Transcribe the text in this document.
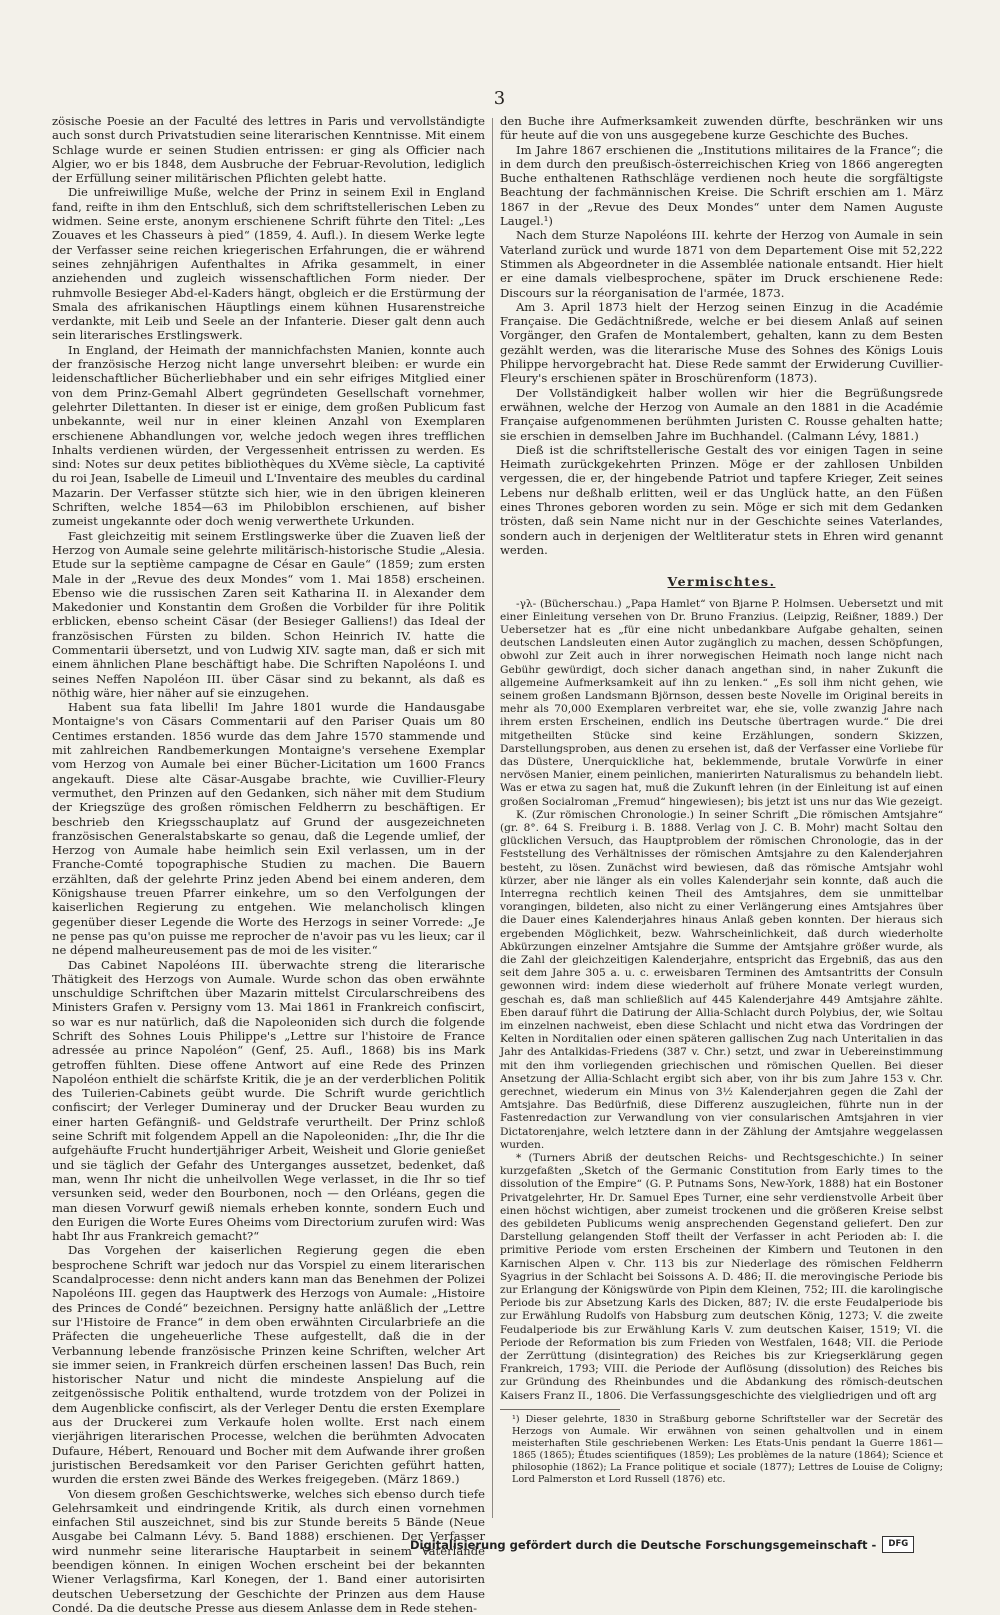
3

zösische Poesie an der Faculté des lettres in Paris und vervollständigte auch sonst durch Privatstudien seine literarischen Kenntnisse. Mit einem Schlage wurde er seinen Studien entrissen: er ging als Officier nach Algier, wo er bis 1848, dem Ausbruche der Februar-Revolution, lediglich der Erfüllung seiner militärischen Pflichten gelebt hatte.

Die unfreiwillige Muße, welche der Prinz in seinem Exil in England fand, reifte in ihm den Entschluß, sich dem schriftstellerischen Leben zu widmen. Seine erste, anonym erschienene Schrift führte den Titel: „Les Zouaves et les Chasseurs à pied“ (1859, 4. Aufl.). In diesem Werke legte der Verfasser seine reichen kriegerischen Erfahrungen, die er während seines zehnjährigen Aufenthaltes in Afrika gesammelt, in einer anziehenden und zugleich wissenschaftlichen Form nieder. Der ruhmvolle Besieger Abd-el-Kaders hängt, obgleich er die Erstürmung der Smala des afrikanischen Häuptlings einem kühnen Husarenstreiche verdankte, mit Leib und Seele an der Infanterie. Dieser galt denn auch sein literarisches Erstlingswerk.

In England, der Heimath der mannichfachsten Manien, konnte auch der französische Herzog nicht lange unversehrt bleiben: er wurde ein leidenschaftlicher Bücherliebhaber und ein sehr eifriges Mitglied einer von dem Prinz-Gemahl Albert gegründeten Gesellschaft vornehmer, gelehrter Dilettanten. In dieser ist er einige, dem großen Publicum fast unbekannte, weil nur in einer kleinen Anzahl von Exemplaren erschienene Abhandlungen vor, welche jedoch wegen ihres trefflichen Inhalts verdienen würden, der Vergessenheit entrissen zu werden. Es sind: Notes sur deux petites bibliothèques du XVème siècle, La captivité du roi Jean, Isabelle de Limeuil und L'Inventaire des meubles du cardinal Mazarin. Der Verfasser stützte sich hier, wie in den übrigen kleineren Schriften, welche 1854—63 im Philobiblon erschienen, auf bisher zumeist ungekannte oder doch wenig verwerthete Urkunden.

Fast gleichzeitig mit seinem Erstlingswerke über die Zuaven ließ der Herzog von Aumale seine gelehrte militärisch-historische Studie „Alesia. Etude sur la septième campagne de César en Gaule“ (1859; zum ersten Male in der „Revue des deux Mondes“ vom 1. Mai 1858) erscheinen. Ebenso wie die russischen Zaren seit Katharina II. in Alexander dem Makedonier und Konstantin dem Großen die Vorbilder für ihre Politik erblicken, ebenso scheint Cäsar (der Besieger Galliens!) das Ideal der französischen Fürsten zu bilden. Schon Heinrich IV. hatte die Commentarii übersetzt, und von Ludwig XIV. sagte man, daß er sich mit einem ähnlichen Plane beschäftigt habe. Die Schriften Napoléons I. und seines Neffen Napoléon III. über Cäsar sind zu bekannt, als daß es nöthig wäre, hier näher auf sie einzugehen.

Habent sua fata libelli! Im Jahre 1801 wurde die Handausgabe Montaigne's von Cäsars Commentarii auf den Pariser Quais um 80 Centimes erstanden. 1856 wurde das dem Jahre 1570 stammende und mit zahlreichen Randbemerkungen Montaigne's versehene Exemplar vom Herzog von Aumale bei einer Bücher-Licitation um 1600 Francs angekauft. Diese alte Cäsar-Ausgabe brachte, wie Cuvillier-Fleury vermuthet, den Prinzen auf den Gedanken, sich näher mit dem Studium der Kriegszüge des großen römischen Feldherrn zu beschäftigen. Er beschrieb den Kriegsschauplatz auf Grund der ausgezeichneten französischen Generalstabskarte so genau, daß die Legende umlief, der Herzog von Aumale habe heimlich sein Exil verlassen, um in der Franche-Comté topographische Studien zu machen. Die Bauern erzählten, daß der gelehrte Prinz jeden Abend bei einem anderen, dem Königshause treuen Pfarrer einkehre, um so den Verfolgungen der kaiserlichen Regierung zu entgehen. Wie melancholisch klingen gegenüber dieser Legende die Worte des Herzogs in seiner Vorrede: „Je ne pense pas qu'on puisse me reprocher de n'avoir pas vu les lieux; car il ne dépend malheureusement pas de moi de les visiter.“

Das Cabinet Napoléons III. überwachte streng die literarische Thätigkeit des Herzogs von Aumale. Wurde schon das oben erwähnte unschuldige Schriftchen über Mazarin mittelst Circularschreibens des Ministers Grafen v. Persigny vom 13. Mai 1861 in Frankreich confiscirt, so war es nur natürlich, daß die Napoleoniden sich durch die folgende Schrift des Sohnes Louis Philippe's „Lettre sur l'histoire de France adressée au prince Napoléon“ (Genf, 25. Aufl., 1868) bis ins Mark getroffen fühlten. Diese offene Antwort auf eine Rede des Prinzen Napoléon enthielt die schärfste Kritik, die je an der verderblichen Politik des Tuilerien-Cabinets geübt wurde. Die Schrift wurde gerichtlich confiscirt; der Verleger Dumineray und der Drucker Beau wurden zu einer harten Gefängniß- und Geldstrafe verurtheilt. Der Prinz schloß seine Schrift mit folgendem Appell an die Napoleoniden: „Ihr, die Ihr die aufgehäufte Frucht hundertjähriger Arbeit, Weisheit und Glorie genießet und sie täglich der Gefahr des Unterganges aussetzet, bedenket, daß man, wenn Ihr nicht die unheilvollen Wege verlasset, in die Ihr so tief versunken seid, weder den Bourbonen, noch — den Orléans, gegen die man diesen Vorwurf gewiß niemals erheben konnte, sondern Euch und den Eurigen die Worte Eures Oheims vom Directorium zurufen wird: Was habt Ihr aus Frankreich gemacht?“

Das Vorgehen der kaiserlichen Regierung gegen die eben besprochene Schrift war jedoch nur das Vorspiel zu einem literarischen Scandalprocesse: denn nicht anders kann man das Benehmen der Polizei Napoléons III. gegen das Hauptwerk des Herzogs von Aumale: „Histoire des Princes de Condé“ bezeichnen. Persigny hatte anläßlich der „Lettre sur l'Histoire de France“ in dem oben erwähnten Circularbriefe an die Präfecten die ungeheuerliche These aufgestellt, daß die in der Verbannung lebende französische Prinzen keine Schriften, welcher Art sie immer seien, in Frankreich dürfen erscheinen lassen! Das Buch, rein historischer Natur und nicht die mindeste Anspielung auf die zeitgenössische Politik enthaltend, wurde trotzdem von der Polizei in dem Augenblicke confiscirt, als der Verleger Dentu die ersten Exemplare aus der Druckerei zum Verkaufe holen wollte. Erst nach einem vierjährigen literarischen Processe, welchen die berühmten Advocaten Dufaure, Hébert, Renouard und Bocher mit dem Aufwande ihrer großen juristischen Beredsamkeit vor den Pariser Gerichten geführt hatten, wurden die ersten zwei Bände des Werkes freigegeben. (März 1869.)

Von diesem großen Geschichtswerke, welches sich ebenso durch tiefe Gelehrsamkeit und eindringende Kritik, als durch einen vornehmen einfachen Stil auszeichnet, sind bis zur Stunde bereits 5 Bände (Neue Ausgabe bei Calmann Lévy. 5. Band 1888) erschienen. Der Verfasser wird nunmehr seine literarische Hauptarbeit in seinem Vaterlande beendigen können. In einigen Wochen erscheint bei der bekannten Wiener Verlagsfirma, Karl Konegen, der 1. Band einer autorisirten deutschen Uebersetzung der Geschichte der Prinzen aus dem Hause Condé. Da die deutsche Presse aus diesem Anlasse dem in Rede stehen-

den Buche ihre Aufmerksamkeit zuwenden dürfte, beschränken wir uns für heute auf die von uns ausgegebene kurze Geschichte des Buches.

Im Jahre 1867 erschienen die „Institutions militaires de la France“; die in dem durch den preußisch-österreichischen Krieg von 1866 angeregten Buche enthaltenen Rathschläge verdienen noch heute die sorgfältigste Beachtung der fachmännischen Kreise. Die Schrift erschien am 1. März 1867 in der „Revue des Deux Mondes“ unter dem Namen Auguste Laugel.¹)

Nach dem Sturze Napoléons III. kehrte der Herzog von Aumale in sein Vaterland zurück und wurde 1871 von dem Departement Oise mit 52,222 Stimmen als Abgeordneter in die Assemblée nationale entsandt. Hier hielt er eine damals vielbesprochene, später im Druck erschienene Rede: Discours sur la réorganisation de l'armée, 1873.

Am 3. April 1873 hielt der Herzog seinen Einzug in die Académie Française. Die Gedächtnißrede, welche er bei diesem Anlaß auf seinen Vorgänger, den Grafen de Montalembert, gehalten, kann zu dem Besten gezählt werden, was die literarische Muse des Sohnes des Königs Louis Philippe hervorgebracht hat. Diese Rede sammt der Erwiderung Cuvillier-Fleury's erschienen später in Broschürenform (1873).

Der Vollständigkeit halber wollen wir hier die Begrüßungsrede erwähnen, welche der Herzog von Aumale an den 1881 in die Académie Française aufgenommenen berühmten Juristen C. Rousse gehalten hatte; sie erschien in demselben Jahre im Buchhandel. (Calmann Lévy, 1881.)

Dieß ist die schriftstellerische Gestalt des vor einigen Tagen in seine Heimath zurückgekehrten Prinzen. Möge er der zahllosen Unbilden vergessen, die er, der hingebende Patriot und tapfere Krieger, Zeit seines Lebens nur deßhalb erlitten, weil er das Unglück hatte, an den Füßen eines Thrones geboren worden zu sein. Möge er sich mit dem Gedanken trösten, daß sein Name nicht nur in der Geschichte seines Vaterlandes, sondern auch in derjenigen der Weltliteratur stets in Ehren wird genannt werden.

Vermischtes.

-γλ- (Bücherschau.) „Papa Hamlet“ von Bjarne P. Holmsen. Uebersetzt und mit einer Einleitung versehen von Dr. Bruno Franzius. (Leipzig, Reißner, 1889.) Der Uebersetzer hat es „für eine nicht unbedankbare Aufgabe gehalten, seinen deutschen Landsleuten einen Autor zugänglich zu machen, dessen Schöpfungen, obwohl zur Zeit auch in ihrer norwegischen Heimath noch lange nicht nach Gebühr gewürdigt, doch sicher danach angethan sind, in naher Zukunft die allgemeine Aufmerksamkeit auf ihn zu lenken.“ „Es soll ihm nicht gehen, wie seinem großen Landsmann Björnson, dessen beste Novelle im Original bereits in mehr als 70,000 Exemplaren verbreitet war, ehe sie, volle zwanzig Jahre nach ihrem ersten Erscheinen, endlich ins Deutsche übertragen wurde.“ Die drei mitgetheilten Stücke sind keine Erzählungen, sondern Skizzen, Darstellungsproben, aus denen zu ersehen ist, daß der Verfasser eine Vorliebe für das Düstere, Unerquickliche hat, beklemmende, brutale Vorwürfe in einer nervösen Manier, einem peinlichen, manierirten Naturalismus zu behandeln liebt. Was er etwa zu sagen hat, muß die Zukunft lehren (in der Einleitung ist auf einen großen Socialroman „Fremud“ hingewiesen); bis jetzt ist uns nur das Wie gezeigt.

K. (Zur römischen Chronologie.) In seiner Schrift „Die römischen Amtsjahre“ (gr. 8°. 64 S. Freiburg i. B. 1888. Verlag von J. C. B. Mohr) macht Soltau den glücklichen Versuch, das Hauptproblem der römischen Chronologie, das in der Feststellung des Verhältnisses der römischen Amtsjahre zu den Kalenderjahren besteht, zu lösen. Zunächst wird bewiesen, daß das römische Amtsjahr wohl kürzer, aber nie länger als ein volles Kalenderjahr sein konnte, daß auch die Interregna rechtlich keinen Theil des Amtsjahres, dem sie unmittelbar vorangingen, bildeten, also nicht zu einer Verlängerung eines Amtsjahres über die Dauer eines Kalenderjahres hinaus Anlaß geben konnten. Der hieraus sich ergebenden Möglichkeit, bezw. Wahrscheinlichkeit, daß durch wiederholte Abkürzungen einzelner Amtsjahre die Summe der Amtsjahre größer wurde, als die Zahl der gleichzeitigen Kalenderjahre, entspricht das Ergebniß, das aus den seit dem Jahre 305 a. u. c. erweisbaren Terminen des Amtsantritts der Consuln gewonnen wird: indem diese wiederholt auf frühere Monate verlegt wurden, geschah es, daß man schließlich auf 445 Kalenderjahre 449 Amtsjahre zählte. Eben darauf führt die Datirung der Allia-Schlacht durch Polybius, der, wie Soltau im einzelnen nachweist, eben diese Schlacht und nicht etwa das Vordringen der Kelten in Norditalien oder einen späteren gallischen Zug nach Unteritalien in das Jahr des Antalkidas-Friedens (387 v. Chr.) setzt, und zwar in Uebereinstimmung mit den ihm vorliegenden griechischen und römischen Quellen. Bei dieser Ansetzung der Allia-Schlacht ergibt sich aber, von ihr bis zum Jahre 153 v. Chr. gerechnet, wiederum ein Minus von 3½ Kalenderjahren gegen die Zahl der Amtsjahre. Das Bedürfniß, diese Differenz auszugleichen, führte nun in der Fastenredaction zur Verwandlung von vier consularischen Amtsjahren in vier Dictatorenjahre, welch letztere dann in der Zählung der Amtsjahre weggelassen wurden.

* (Turners Abriß der deutschen Reichs- und Rechtsgeschichte.) In seiner kurzgefaßten „Sketch of the Germanic Constitution from Early times to the dissolution of the Empire“ (G. P. Putnams Sons, New-York, 1888) hat ein Bostoner Privatgelehrter, Hr. Dr. Samuel Epes Turner, eine sehr verdienstvolle Arbeit über einen höchst wichtigen, aber zumeist trockenen und die größeren Kreise selbst des gebildeten Publicums wenig ansprechenden Gegenstand geliefert. Den zur Darstellung gelangenden Stoff theilt der Verfasser in acht Perioden ab: I. die primitive Periode vom ersten Erscheinen der Kimbern und Teutonen in den Karnischen Alpen v. Chr. 113 bis zur Niederlage des römischen Feldherrn Syagrius in der Schlacht bei Soissons A. D. 486; II. die merovingische Periode bis zur Erlangung der Königswürde von Pipin dem Kleinen, 752; III. die karolingische Periode bis zur Absetzung Karls des Dicken, 887; IV. die erste Feudalperiode bis zur Erwählung Rudolfs von Habsburg zum deutschen König, 1273; V. die zweite Feudalperiode bis zur Erwählung Karls V. zum deutschen Kaiser, 1519; VI. die Periode der Reformation bis zum Frieden von Westfalen, 1648; VII. die Periode der Zerrüttung (disintegration) des Reiches bis zur Kriegserklärung gegen Frankreich, 1793; VIII. die Periode der Auflösung (dissolution) des Reiches bis zur Gründung des Rheinbundes und die Abdankung des römisch-deutschen Kaisers Franz II., 1806. Die Verfassungsgeschichte des vielgliedrigen und oft arg

¹) Dieser gelehrte, 1830 in Straßburg geborne Schriftsteller war der Secretär des Herzogs von Aumale. Wir erwähnen von seinen gehaltvollen und in einem meisterhaften Stile geschriebenen Werken: Les Etats-Unis pendant la Guerre 1861—1865 (1865); Études scientifiques (1859); Les problèmes de la nature (1864); Science et philosophie (1862); La France politique et sociale (1877); Lettres de Louise de Coligny; Lord Palmerston et Lord Russell (1876) etc.

Digitalisierung gefördert durch die Deutsche Forschungsgemeinschaft -	DFG
